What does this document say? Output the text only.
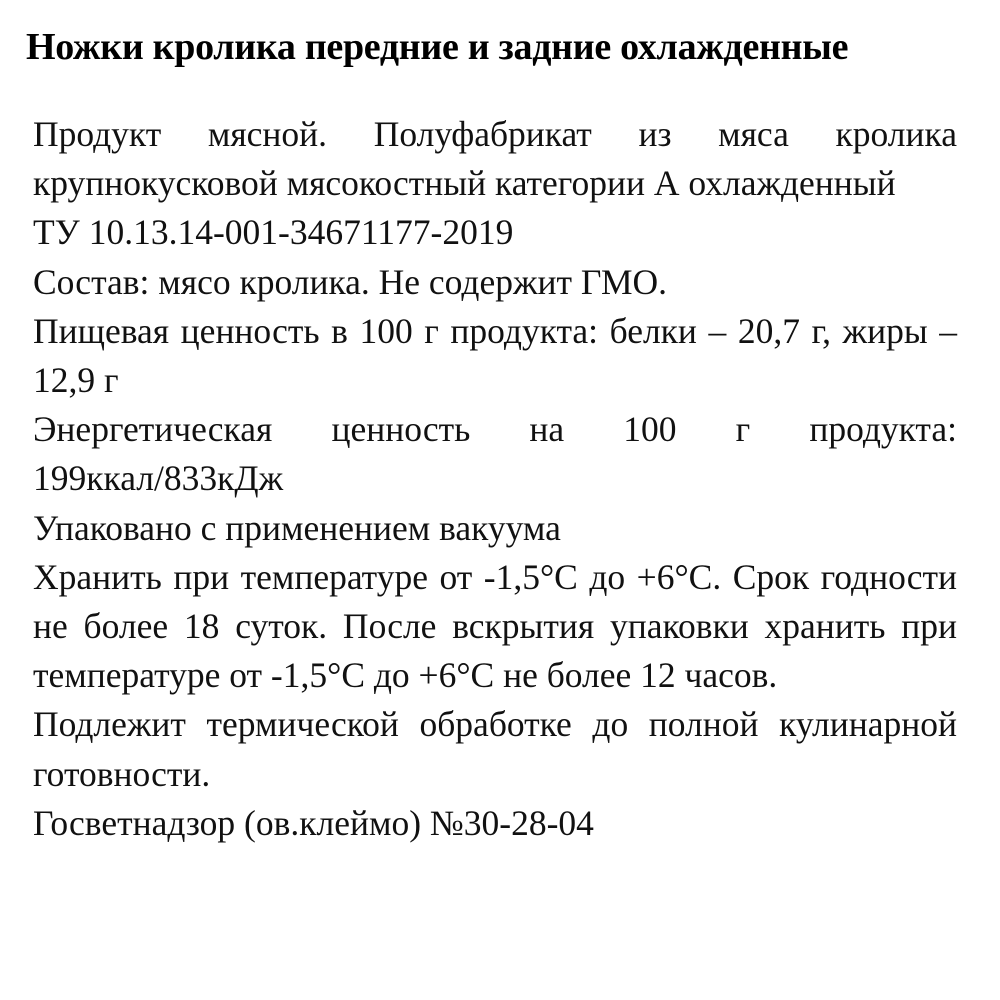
Ножки кролика передние и задние охлажденные

Продукт мясной. Полуфабрикат из мяса кролика крупнокусковой мясокостный категории А охлажденный

ТУ 10.13.14-001-34671177-2019

Состав: мясо кролика. Не содержит ГМО.

Пищевая ценность в 100 г продукта: белки – 20,7 г, жиры – 12,9 г

Энергетическая ценность на 100 г продукта: 199ккал/833кДж

Упаковано с применением вакуума

Хранить при температуре от -1,5°С до +6°С. Срок годности не более 18 суток. После вскрытия упаковки хранить при температуре от -1,5°С до +6°С не более 12 часов.

Подлежит термической обработке до полной кулинарной готовности.

Госветнадзор (ов.клеймо) №30-28-04
